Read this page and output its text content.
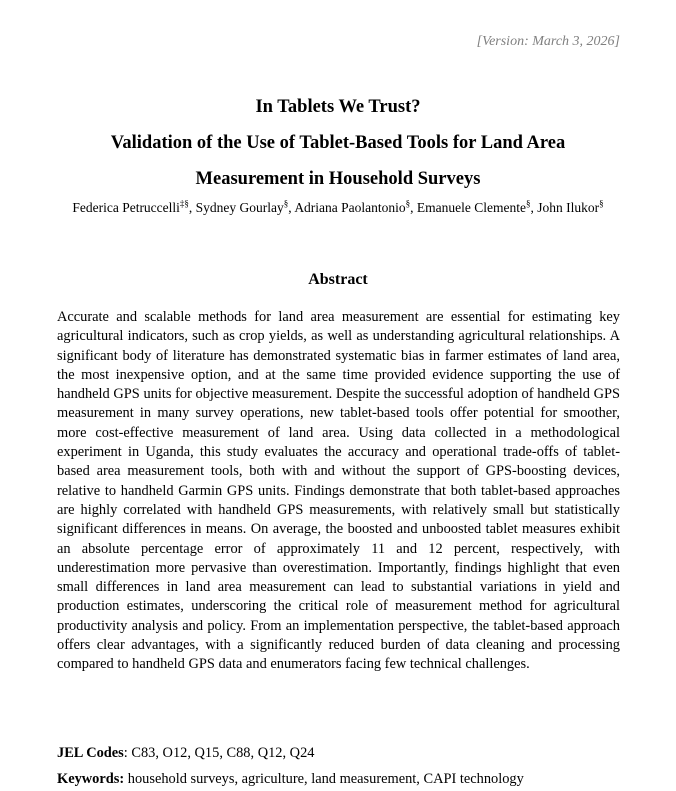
[Version: March 3, 2026]
In Tablets We Trust?
Validation of the Use of Tablet-Based Tools for Land Area
Measurement in Household Surveys
Federica Petruccelli‡§, Sydney Gourlay§, Adriana Paolantonio§, Emanuele Clemente§, John Ilukor§
Abstract

Accurate and scalable methods for land area measurement are essential for estimating key agricultural indicators, such as crop yields, as well as understanding agricultural relationships. A significant body of literature has demonstrated systematic bias in farmer estimates of land area, the most inexpensive option, and at the same time provided evidence supporting the use of handheld GPS units for objective measurement. Despite the successful adoption of handheld GPS measurement in many survey operations, new tablet-based tools offer potential for smoother, more cost-effective measurement of land area. Using data collected in a methodological experiment in Uganda, this study evaluates the accuracy and operational trade-offs of tablet-based area measurement tools, both with and without the support of GPS-boosting devices, relative to handheld Garmin GPS units. Findings demonstrate that both tablet-based approaches are highly correlated with handheld GPS measurements, with relatively small but statistically significant differences in means. On average, the boosted and unboosted tablet measures exhibit an absolute percentage error of approximately 11 and 12 percent, respectively, with underestimation more pervasive than overestimation. Importantly, findings highlight that even small differences in land area measurement can lead to substantial variations in yield and production estimates, underscoring the critical role of measurement method for agricultural productivity analysis and policy. From an implementation perspective, the tablet-based approach offers clear advantages, with a significantly reduced burden of data cleaning and processing compared to handheld GPS data and enumerators facing few technical challenges.

JEL Codes: C83, O12, Q15, C88, Q12, Q24
Keywords: household surveys, agriculture, land measurement, CAPI technology
